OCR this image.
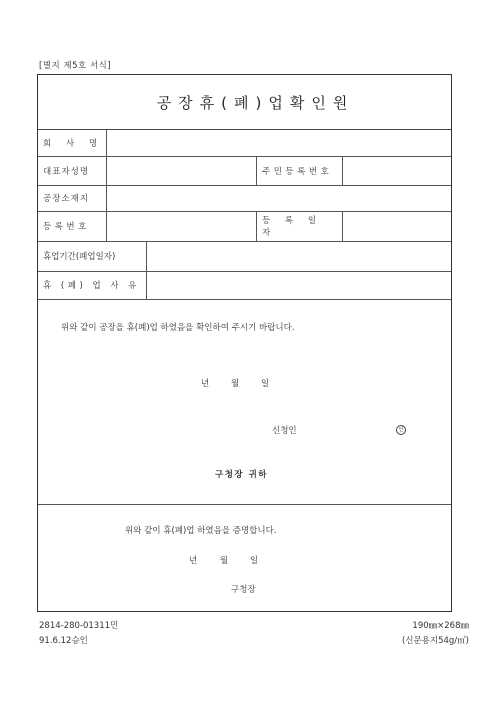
[별지 제5호 서식]
공장휴(폐)업확인원
회 사 명
대표자성명	주민등록번호
공장소재지
등록번호
등 록 일 자
휴업기간(폐업일자)
휴 (폐) 업 사 유
위와 같이 공장을 휴(폐)업 하였음을 확인하여 주시기 바랍니다.
년	월	일
신청인	인
구청장 귀하
위와 같이 휴(폐)업 하였음을 증명합니다.
년	월	일
구청장
2814-280-01311민
91.6.12승인
190㎜×268㎜
(신문용지54g/㎡)
